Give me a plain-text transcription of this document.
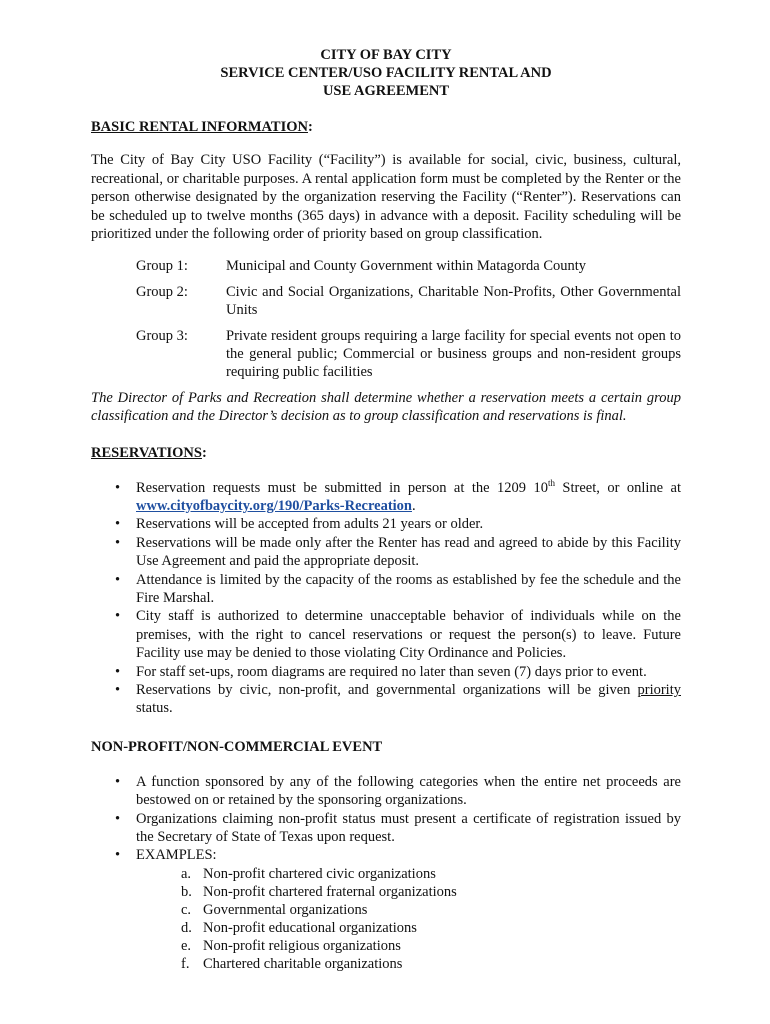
CITY OF BAY CITY
SERVICE CENTER/USO FACILITY RENTAL AND
USE AGREEMENT
BASIC RENTAL INFORMATION:

The City of Bay City USO Facility (“Facility”) is available for social, civic, business, cultural, recreational, or charitable purposes. A rental application form must be completed by the Renter or the person otherwise designated by the organization reserving the Facility (“Renter”). Reservations can be scheduled up to twelve months (365 days) in advance with a deposit. Facility scheduling will be prioritized under the following order of priority based on group classification.

Group 1:	Municipal and County Government within Matagorda County
Group 2:	Civic and Social Organizations, Charitable Non-Profits, Other Governmental Units
Group 3:	Private resident groups requiring a large facility for special events not open to the general public; Commercial or business groups and non-resident groups requiring public facilities

The Director of Parks and Recreation shall determine whether a reservation meets a certain group classification and the Director’s decision as to group classification and reservations is final.

RESERVATIONS:
• Reservation requests must be submitted in person at the 1209 10th Street, or online at www.cityofbaycity.org/190/Parks-Recreation.
• Reservations will be accepted from adults 21 years or older.
• Reservations will be made only after the Renter has read and agreed to abide by this Facility Use Agreement and paid the appropriate deposit.
• Attendance is limited by the capacity of the rooms as established by fee the schedule and the Fire Marshal.
• City staff is authorized to determine unacceptable behavior of individuals while on the premises, with the right to cancel reservations or request the person(s) to leave. Future Facility use may be denied to those violating City Ordinance and Policies.
• For staff set-ups, room diagrams are required no later than seven (7) days prior to event.
• Reservations by civic, non-profit, and governmental organizations will be given priority status.
NON-PROFIT/NON-COMMERCIAL EVENT
• A function sponsored by any of the following categories when the entire net proceeds are bestowed on or retained by the sponsoring organizations.
• Organizations claiming non-profit status must present a certificate of registration issued by the Secretary of State of Texas upon request.
• EXAMPLES:
a. Non-profit chartered civic organizations
b. Non-profit chartered fraternal organizations
c. Governmental organizations
d. Non-profit educational organizations
e. Non-profit religious organizations
f. Chartered charitable organizations
